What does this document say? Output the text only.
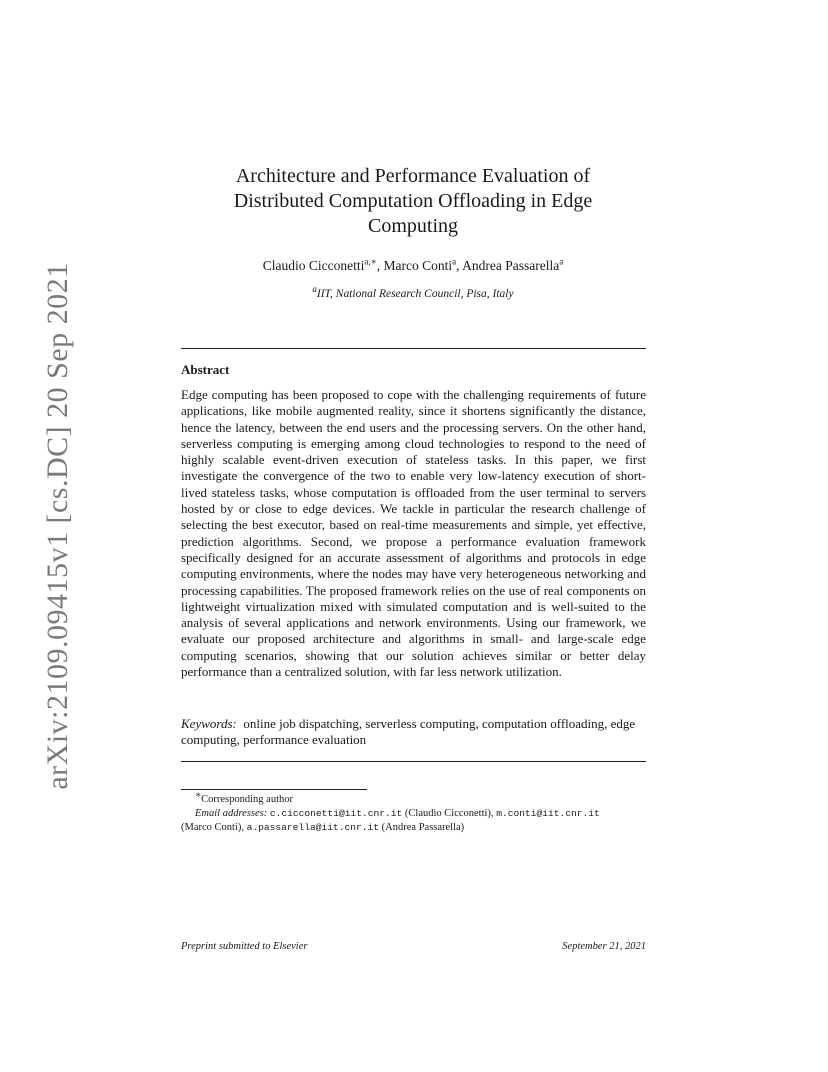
arXiv:2109.09415v1 [cs.DC] 20 Sep 2021
Architecture and Performance Evaluation of
Distributed Computation Offloading in Edge
Computing
Claudio Cicconetti$^{a,∗}$, Marco Conti$^a$, Andrea Passarella$^a$
$^a$IIT, National Research Council, Pisa, Italy
Abstract

Edge computing has been proposed to cope with the challenging requirements of future applications, like mobile augmented reality, since it shortens significantly the distance, hence the latency, between the end users and the processing servers. On the other hand, serverless computing is emerging among cloud technologies to respond to the need of highly scalable event-driven execution of stateless tasks. In this paper, we first investigate the convergence of the two to enable very low-latency execution of short-lived stateless tasks, whose computation is offloaded from the user terminal to servers hosted by or close to edge devices. We tackle in particular the research challenge of selecting the best executor, based on real-time measurements and simple, yet effective, prediction algorithms. Second, we propose a performance evaluation framework specifically designed for an accurate assessment of algorithms and protocols in edge computing environments, where the nodes may have very heterogeneous networking and processing capabilities. The proposed framework relies on the use of real components on lightweight virtualization mixed with simulated computation and is well-suited to the analysis of several applications and network environments. Using our framework, we evaluate our proposed architecture and algorithms in small- and large-scale edge computing scenarios, showing that our solution achieves similar or better delay performance than a centralized solution, with far less network utilization.

Keywords: online job dispatching, serverless computing, computation offloading, edge computing, performance evaluation

∗Corresponding author
Email addresses: c.cicconetti@iit.cnr.it (Claudio Cicconetti), m.conti@iit.cnr.it
(Marco Conti), a.passarella@iit.cnr.it (Andrea Passarella)
Preprint submitted to Elsevier	September 21, 2021
